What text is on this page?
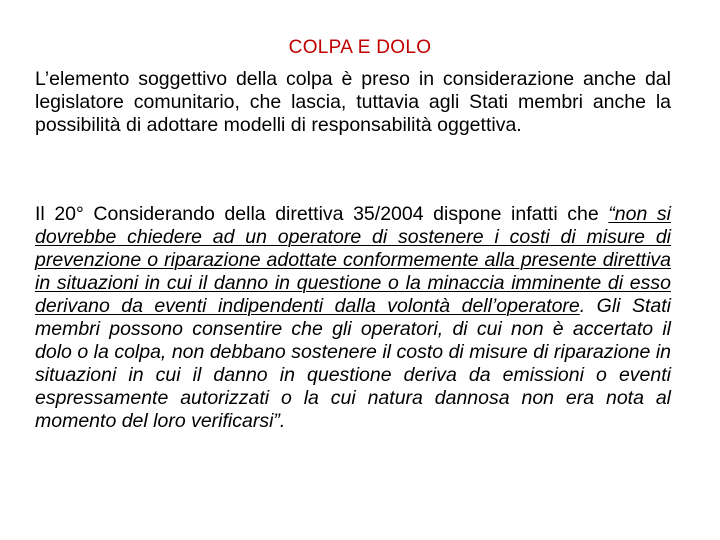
COLPA E DOLO

L’elemento soggettivo della colpa è preso in considerazione anche dal legislatore comunitario, che lascia, tuttavia agli Stati membri anche la possibilità di adottare modelli di responsabilità oggettiva.

Il 20° Considerando della direttiva 35/2004 dispone infatti che “non si dovrebbe chiedere ad un operatore di sostenere i costi di misure di prevenzione o riparazione adottate conformemente alla presente direttiva in situazioni in cui il danno in questione o la minaccia imminente di esso derivano da eventi indipendenti dalla volontà dell’operatore. Gli Stati membri possono consentire che gli operatori, di cui non è accertato il dolo o la colpa, non debbano sostenere il costo di misure di riparazione in situazioni in cui il danno in questione deriva da emissioni o eventi espressamente autorizzati o la cui natura dannosa non era nota al momento del loro verificarsi”.
